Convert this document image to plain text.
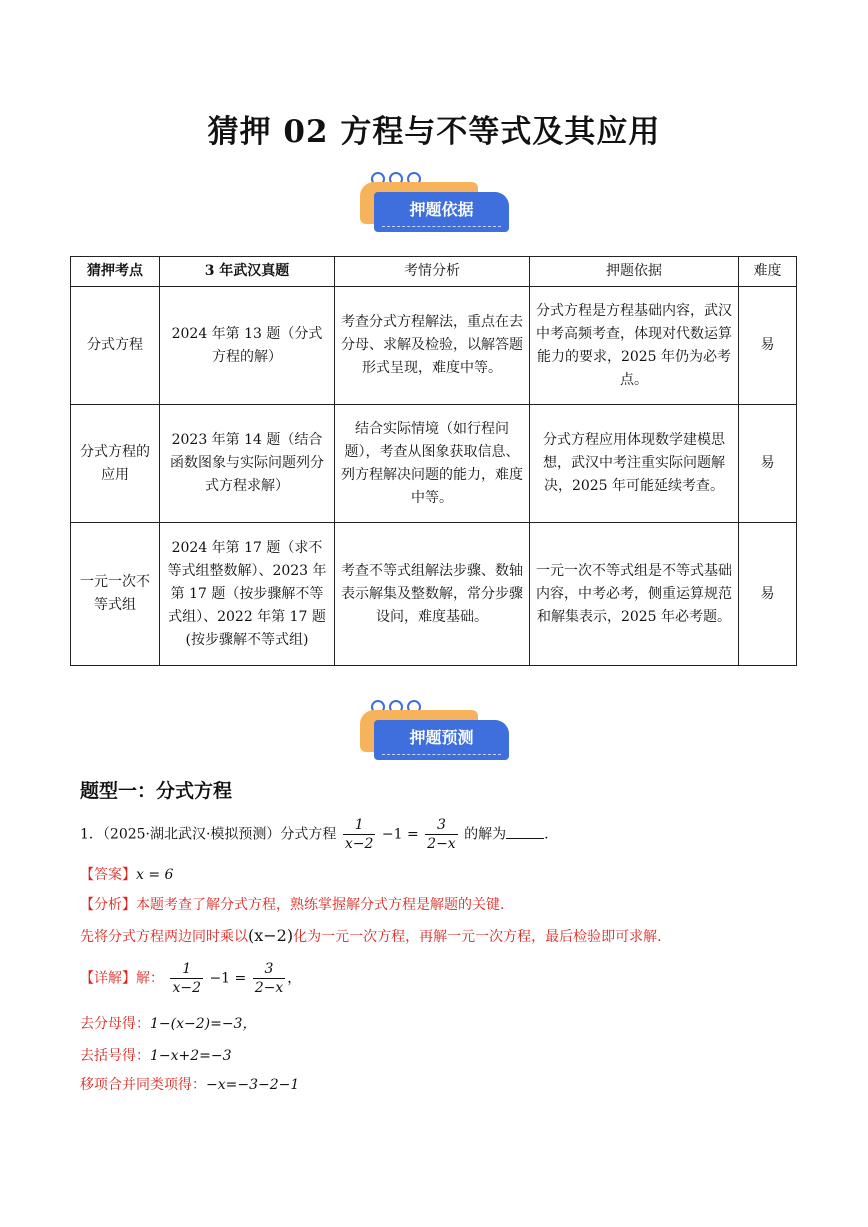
猜押 02 方程与不等式及其应用
押题依据
猜押考点	3 年武汉真题	考情分析	押题依据	难度
分式方程	2024 年第 13 题（分式方程的解）	考查分式方程解法，重点在去分母、求解及检验，以解答题形式呈现，难度中等。	分式方程是方程基础内容，武汉中考高频考查，体现对代数运算能力的要求，2025 年仍为必考点。	易
分式方程的应用	2023 年第 14 题（结合函数图象与实际问题列分式方程求解）	结合实际情境（如行程问题），考查从图象获取信息、列方程解决问题的能力，难度中等。	分式方程应用体现数学建模思想，武汉中考注重实际问题解决，2025 年可能延续考查。	易
一元一次不等式组	2024 年第 17 题（求不等式组整数解）、2023 年第 17 题（按步骤解不等式组）、2022 年第 17 题(按步骤解不等式组)	考查不等式组解法步骤、数轴表示解集及整数解，常分步骤设问，难度基础。	一元一次不等式组是不等式基础内容，中考必考，侧重运算规范和解集表示，2025 年必考题。	易
押题预测
题型一：分式方程
1．（2025·湖北武汉·模拟预测）分式方程 $\frac{1}{x-2} -1 = \frac{3}{2-x}$ 的解为	.
【答案】x = 6
【分析】本题考查了解分式方程，熟练掌握解分式方程是解题的关键.
先将分式方程两边同时乘以(x−2)化为一元一次方程，再解一元一次方程，最后检验即可求解.
【详解】解： $\frac{1}{x-2} -1 = \frac{3}{2-x}$ ，
去分母得：1−(x−2)=−3，
去括号得：1−x+2=−3
移项合并同类项得：−x=−3−2−1
